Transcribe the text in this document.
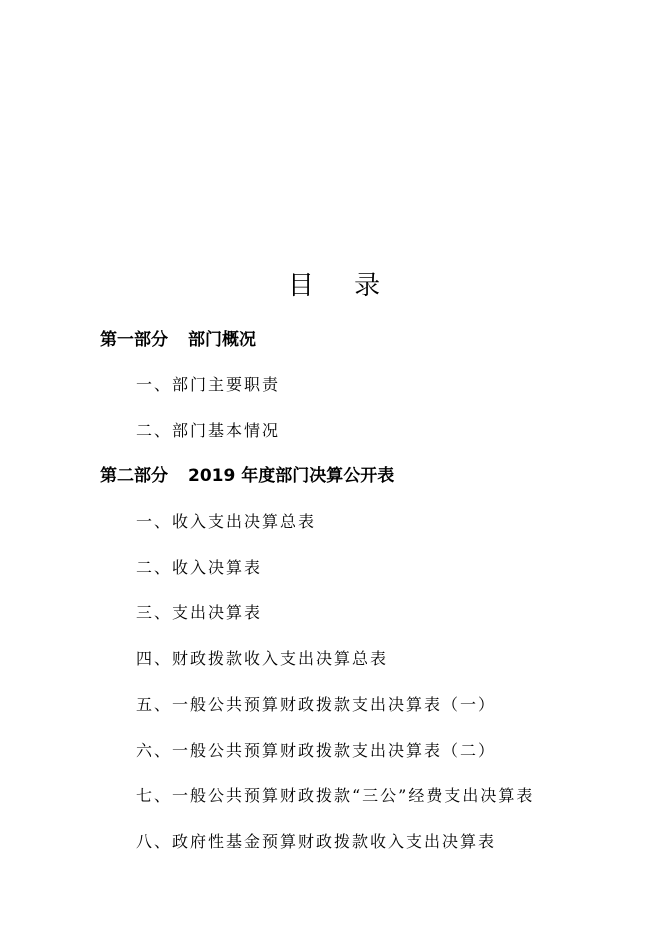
目 录
第一部分 部门概况
一、部门主要职责
二、部门基本情况
第二部分 2019 年度部门决算公开表
一、收入支出决算总表
二、收入决算表
三、支出决算表
四、财政拨款收入支出决算总表
五、一般公共预算财政拨款支出决算表（一）
六、一般公共预算财政拨款支出决算表（二）
七、一般公共预算财政拨款“三公”经费支出决算表
八、政府性基金预算财政拨款收入支出决算表
